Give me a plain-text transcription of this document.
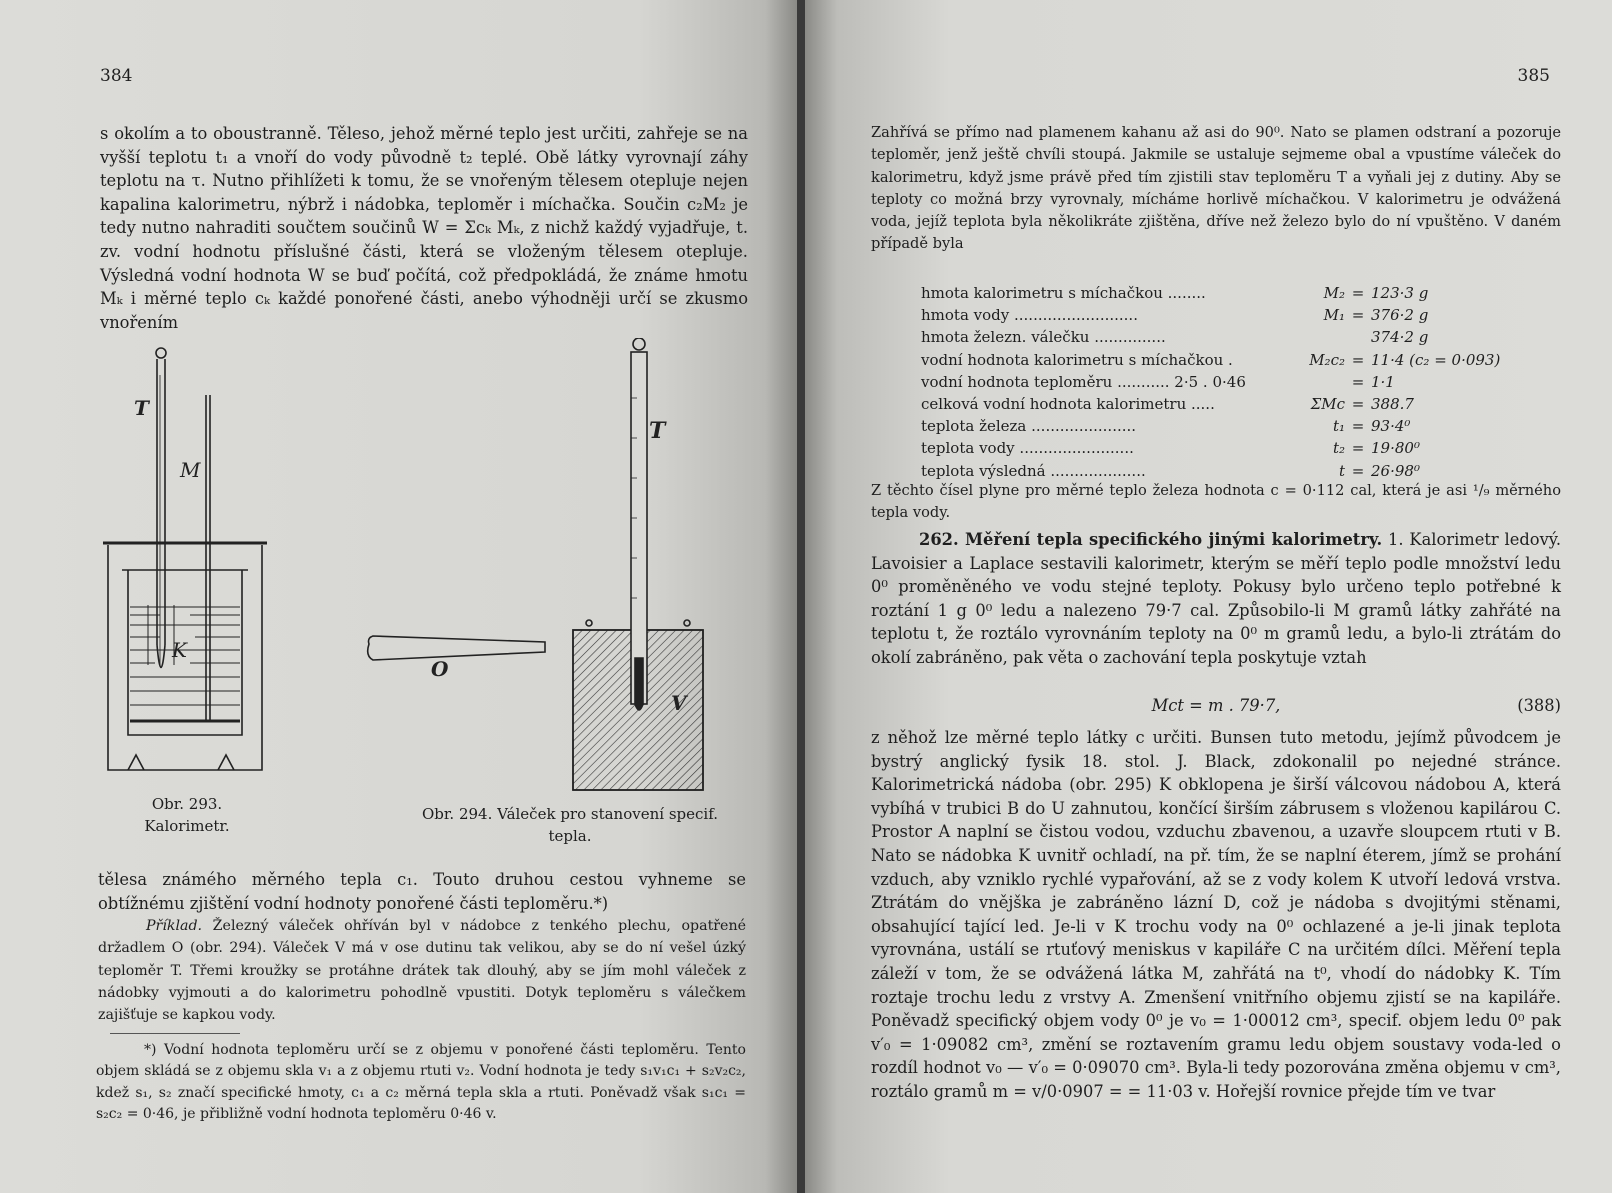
384

s okolím a to oboustranně. Těleso, jehož měrné teplo jest určiti, zahřeje se na vyšší teplotu t₁ a vnoří do vody původně t₂ teplé. Obě látky vyrovnají záhy teplotu na τ. Nutno přihlížeti k tomu, že se vnořeným tělesem otepluje nejen kapalina kalorimetru, nýbrž i nádobka, teploměr i míchačka. Součin c₂M₂ je tedy nutno nahraditi součtem součinů W = Σcₖ Mₖ, z nichž každý vyjadřuje, t. zv. vodní hodnotu příslušné části, která se vloženým tělesem otepluje. Výsledná vodní hodnota W se buď počítá, což předpokládá, že známe hmotu Mₖ i měrné teplo cₖ každé ponořené části, anebo výhodněji určí se zkusmo vnořením

T
M
K
T
O
V
Obr. 293.
Kalorimetr.
Obr. 294. Váleček pro stanovení specif.
tepla.

tělesa známého měrného tepla c₁. Touto druhou cestou vyhneme se obtížnému zjištění vodní hodnoty ponořené části teploměru.*)

Příklad. Železný váleček ohříván byl v nádobce z tenkého plechu, opatřené držadlem O (obr. 294). Váleček V má v ose dutinu tak velikou, aby se do ní vešel úzký teploměr T. Třemi kroužky se protáhne drátek tak dlouhý, aby se jím mohl váleček z nádobky vyjmouti a do kalorimetru pohodlně vpustiti. Dotyk teploměru s válečkem zajišťuje se kapkou vody.

*) Vodní hodnota teploměru určí se z objemu v ponořené části teploměru. Tento objem skládá se z objemu skla v₁ a z objemu rtuti v₂. Vodní hodnota je tedy s₁v₁c₁ + s₂v₂c₂, kdež s₁, s₂ značí specifické hmoty, c₁ a c₂ měrná tepla skla a rtuti. Poněvadž však s₁c₁ = s₂c₂ = 0·46, je přibližně vodní hodnota teploměru 0·46 v.

385

Zahřívá se přímo nad plamenem kahanu až asi do 90⁰. Nato se plamen odstraní a pozoruje teploměr, jenž ještě chvíli stoupá. Jakmile se ustaluje sejmeme obal a vpustíme váleček do kalorimetru, když jsme právě před tím zjistili stav teploměru T a vyňali jej z dutiny. Aby se teploty co možná brzy vyrovnaly, mícháme horlivě míchačkou. V kalorimetru je odvážená voda, jejíž teplota byla několikráte zjištěna, dříve než železo bylo do ní vpuštěno. V daném případě byla

hmota kalorimetru s míchačkou ........	M₂	=	123·3 g
hmota vody ..........................	M₁	=	376·2 g
hmota železn. válečku ...............			374·2 g
vodní hodnota kalorimetru s míchačkou .	M₂c₂	=	11·4 (c₂ = 0·093)
vodní hodnota teploměru ........... 2·5 . 0·46		=	1·1
celková vodní hodnota kalorimetru .....	ΣMc	=	388.7
teplota železa ......................	t₁	=	93·4⁰
teplota vody ........................	t₂	=	19·80⁰
teplota výsledná ....................	t	=	26·98⁰

Z těchto čísel plyne pro měrné teplo železa hodnota c = 0·112 cal, která je asi ¹/₉ měrného tepla vody.

262. Měření tepla specifického jinými kalorimetry. 1. Kalorimetr ledový. Lavoisier a Laplace sestavili kalorimetr, kterým se měří teplo podle množství ledu 0⁰ proměněného ve vodu stejné teploty. Pokusy bylo určeno teplo potřebné k roztání 1 g 0⁰ ledu a nalezeno 79·7 cal. Způsobilo-li M gramů látky zahřáté na teplotu t, že roztálo vyrovnáním teploty na 0⁰ m gramů ledu, a bylo-li ztrátám do okolí zabráněno, pak věta o zachování tepla poskytuje vztah

Mct = m . 79·7,	(388)

z něhož lze měrné teplo látky c určiti. Bunsen tuto metodu, jejímž původcem je bystrý anglický fysik 18. stol. J. Black, zdokonalil po nejedné stránce. Kalorimetrická nádoba (obr. 295) K obklopena je širší válcovou nádobou A, která vybíhá v trubici B do U zahnutou, končící širším zábrusem s vloženou kapilárou C. Prostor A naplní se čistou vodou, vzduchu zbavenou, a uzavře sloupcem rtuti v B. Nato se nádobka K uvnitř ochladí, na př. tím, že se naplní éterem, jímž se prohání vzduch, aby vzniklo rychlé vypařování, až se z vody kolem K utvoří ledová vrstva. Ztrátám do vnějška je zabráněno lázní D, což je nádoba s dvojitými stěnami, obsahující tající led. Je-li v K trochu vody na 0⁰ ochlazené a je-li jinak teplota vyrovnána, ustálí se rtuťový meniskus v kapiláře C na určitém dílci. Měření tepla záleží v tom, že se odvážená látka M, zahřátá na t⁰, vhodí do nádobky K. Tím roztaje trochu ledu z vrstvy A. Zmenšení vnitřního objemu zjistí se na kapiláře. Poněvadž specifický objem vody 0⁰ je v₀ = 1·00012 cm³, specif. objem ledu 0⁰ pak v′₀ = 1·09082 cm³, změní se roztavením gramu ledu objem soustavy voda-led o rozdíl hodnot v₀ — v′₀ = 0·09070 cm³. Byla-li tedy pozorována změna objemu v cm³, roztálo gramů m = v/0·0907 = = 11·03 v. Hořejší rovnice přejde tím ve tvar
